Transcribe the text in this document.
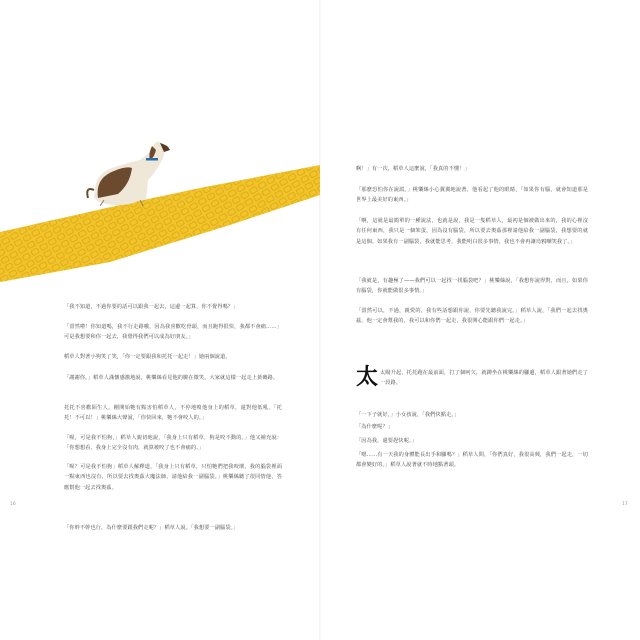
「我不知道，不過你要的話可以跟我一起去，這邊一起算，你不覺得嗎？」
「當然啦！你知道嗎，我不行走路哦，因為我喜歡吃骨頭，而且跑得很快，我都不會痛……」可是我想要和你一起去，我覺得我們可以成為好朋友。」
稻草人對著小狗笑了笑，「你一定要跟我和托托一起走！」她兩個說道。
「謝謝你。」稻草人滿懷感激地說，桃樂絲看見他的臉在微笑，大家就這樣一起走上黃磚路。
托托不喜歡陌生人。剛開始牠有點害怕稻草人，不停地嗅他身上的稻草，還對他低吼，「托托！不可以！」桃樂絲大聲說，「你快回來，牠不會咬人的。」
「喔，可是我不怕狗，」稻草人親切地說，「我身上只有稻草，狗是咬不動的。」他又補充說：「你想想看，我身上完全沒有肉，就算被咬了也不會痛的。」
「喔？可是我不怕狗」稻草人解釋道，「我身上只有稻草，只怕牠們把我咬壞，我的腦袋裡面一點東西也沒有，所以要去找奧茲大魔法師，請他給我一副腦袋。」桃樂絲聽了很同情他，答應幫他一起去找奧茲。
「你幹不幹也行，為什麼要跟我們走呢？」稻草人說。「我想要一副腦袋。」
啊！」有一次，稻草人這麼說，「我真的不懂！」
「那麼恐怕你在說謊。」桃樂絲小心翼翼地說著，他看起了他的眼睛，「如果你有腦，就會知道那是世界上最美好的東西。」
「啊，這就是最簡單的一種說法，也就是說，我是一隻稻草人，最初是個被做出來的，我的心裡沒有任何東西，我只是一個笨蛋，因為沒有腦袋，所以要去奧茲那裡請他給我一副腦袋，我想要的就是這個。如果我有一副腦袋，我就能思考，我能明白很多事情，我也不會再讓烏鴉嘲笑我了。」
「我就是，有趣極了——我們可以一起找一找腦袋吧？」桃樂絲說，「我想你說得對，而且，如果你有腦袋，你就能做很多事情。」
「當然可以，不過，親愛的，我有些話想跟你說，你要先聽我說完。」稻草人說，「我們一起去找奧茲，他一定會幫我的，我可以和你們一起走，我很開心能跟你們一起走。」
太 太陽升起，托托跑在最前面，打了個呵欠，就蹲坐在桃樂絲的腳邊，稻草人跟著她們走了一段路。
「一下子就好，」小女孩說，「我們快點走。」
「為什麼呢？」
「因為我，還要趕快呢。」
「嗯……有一天我的身體能長出手和腳嗎？」稻草人問，「你們真好，我很高興，我們一起走，一切都會變好的。」稻草人說著就不時地點著頭。
16	17
